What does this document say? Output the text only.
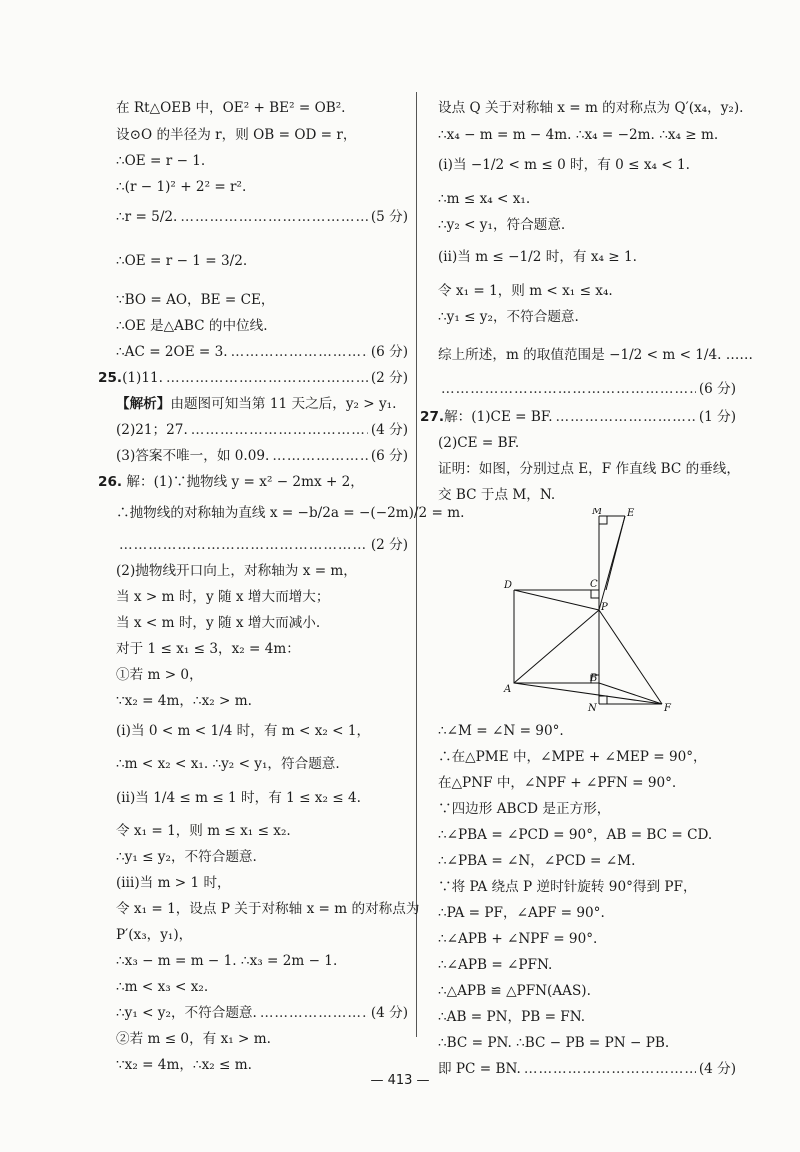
在 Rt△OEB 中，OE² + BE² = OB².
设⊙O 的半径为 r，则 OB = OD = r，
∴OE = r − 1.
∴(r − 1)² + 2² = r².
∴r = 5/2. ………………………………………………………………………………………………………………………………………………	(5 分)
∴OE = r − 1 = 3/2.
∵BO = AO，BE = CE，
∴OE 是△ABC 的中位线.
∴AC = 2OE = 3. ………………………………………………………………………………………………………………………………………………	(6 分)
25. (1)11. ………………………………………………………………………………………………………………………………………………	(2 分)
【解析】由题图可知当第 11 天之后，y₂ > y₁.
(2)21；27. ………………………………………………………………………………………………………………………………………………	(4 分)
(3)答案不唯一，如 0.09. ………………………………………………………………………………………………………………………………………………	(6 分)
26. 解：(1)∵抛物线 y = x² − 2mx + 2，
∴抛物线的对称轴为直线 x = −b/2a = −(−2m)/2 = m.
………………………………………………………………………………………………………………………………………………
(2 分)
(2)抛物线开口向上，对称轴为 x = m，
当 x > m 时，y 随 x 增大而增大；
当 x < m 时，y 随 x 增大而减小.
对于 1 ≤ x₁ ≤ 3，x₂ = 4m：
①若 m > 0，
∵x₂ = 4m，∴x₂ > m.
(ⅰ)当 0 < m < 1/4 时，有 m < x₂ < 1，
∴m < x₂ < x₁. ∴y₂ < y₁，符合题意.
(ⅱ)当 1/4 ≤ m ≤ 1 时，有 1 ≤ x₂ ≤ 4.
令 x₁ = 1，则 m ≤ x₁ ≤ x₂.
∴y₁ ≤ y₂，不符合题意.
(ⅲ)当 m > 1 时，
令 x₁ = 1，设点 P 关于对称轴 x = m 的对称点为
P′(x₃，y₁)，
∴x₃ − m = m − 1. ∴x₃ = 2m − 1.
∴m < x₃ < x₂.
∴y₁ < y₂，不符合题意. ………………………………………………………………………………………………………………………………………………	(4 分)
②若 m ≤ 0，有 x₁ > m.
∵x₂ = 4m，∴x₂ ≤ m.
设点 Q 关于对称轴 x = m 的对称点为 Q′(x₄，y₂).
∴x₄ − m = m − 4m. ∴x₄ = −2m. ∴x₄ ≥ m.
(ⅰ)当 −1/2 < m ≤ 0 时，有 0 ≤ x₄ < 1.
∴m ≤ x₄ < x₁.
∴y₂ < y₁，符合题意.
(ⅱ)当 m ≤ −1/2 时，有 x₄ ≥ 1.
令 x₁ = 1，则 m < x₁ ≤ x₄.
∴y₁ ≤ y₂，不符合题意.
综上所述，m 的取值范围是 −1/2 < m < 1/4. ……
………………………………………………………………………………………………………………………………………………
(6 分)
27. 解：(1)CE = BF. ………………………………………………………………………………………………………………………………………………	(1 分)
(2)CE = BF.
证明：如图，分别过点 E，F 作直线 BC 的垂线，
交 BC 于点 M，N.
M E
D	C
P
A
B
N	F
∴∠M = ∠N = 90°.
∴在△PME 中，∠MPE + ∠MEP = 90°，
在△PNF 中，∠NPF + ∠PFN = 90°.
∵四边形 ABCD 是正方形，
∴∠PBA = ∠PCD = 90°，AB = BC = CD.
∴∠PBA = ∠N，∠PCD = ∠M.
∵将 PA 绕点 P 逆时针旋转 90°得到 PF，
∴PA = PF，∠APF = 90°.
∴∠APB + ∠NPF = 90°.
∴∠APB = ∠PFN.
∴△APB ≌ △PFN(AAS).
∴AB = PN，PB = FN.
∴BC = PN. ∴BC − PB = PN − PB.
即 PC = BN. ………………………………………………………………………………………………………………………………………………	(4 分)
— 413 —
